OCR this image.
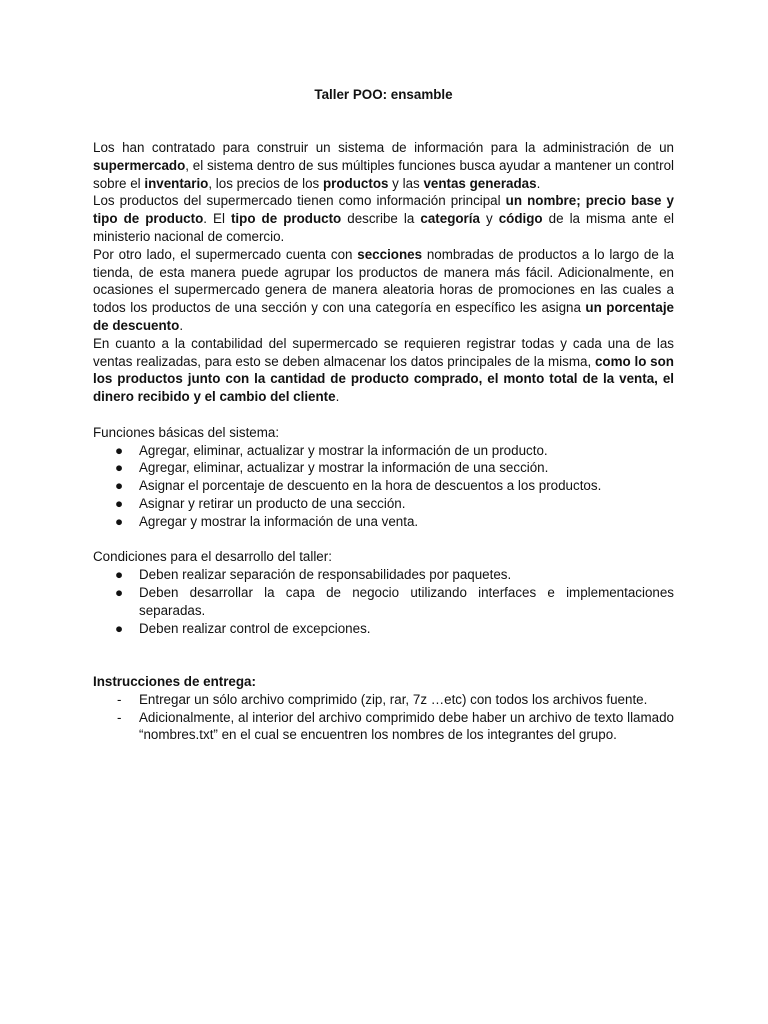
Taller POO: ensamble

Los han contratado para construir un sistema de información para la administración de un supermercado, el sistema dentro de sus múltiples funciones busca ayudar a mantener un control sobre el inventario, los precios de los productos y las ventas generadas.

Los productos del supermercado tienen como información principal un nombre; precio base y tipo de producto. El tipo de producto describe la categoría y código de la misma ante el ministerio nacional de comercio.

Por otro lado, el supermercado cuenta con secciones nombradas de productos a lo largo de la tienda, de esta manera puede agrupar los productos de manera más fácil. Adicionalmente, en ocasiones el supermercado genera de manera aleatoria horas de promociones en las cuales a todos los productos de una sección y con una categoría en específico les asigna un porcentaje de descuento.

En cuanto a la contabilidad del supermercado se requieren registrar todas y cada una de las ventas realizadas, para esto se deben almacenar los datos principales de la misma, como lo son los productos junto con la cantidad de producto comprado, el monto total de la venta, el dinero recibido y el cambio del cliente.

Funciones básicas del sistema:

● Agregar, eliminar, actualizar y mostrar la información de un producto.
● Agregar, eliminar, actualizar y mostrar la información de una sección.
● Asignar el porcentaje de descuento en la hora de descuentos a los productos.
● Asignar y retirar un producto de una sección.
● Agregar y mostrar la información de una venta.

Condiciones para el desarrollo del taller:

● Deben realizar separación de responsabilidades por paquetes.
● Deben desarrollar la capa de negocio utilizando interfaces e implementaciones separadas.
● Deben realizar control de excepciones.

Instrucciones de entrega:

- Entregar un sólo archivo comprimido (zip, rar, 7z …etc) con todos los archivos fuente.
- Adicionalmente, al interior del archivo comprimido debe haber un archivo de texto llamado “nombres.txt” en el cual se encuentren los nombres de los integrantes del grupo.
